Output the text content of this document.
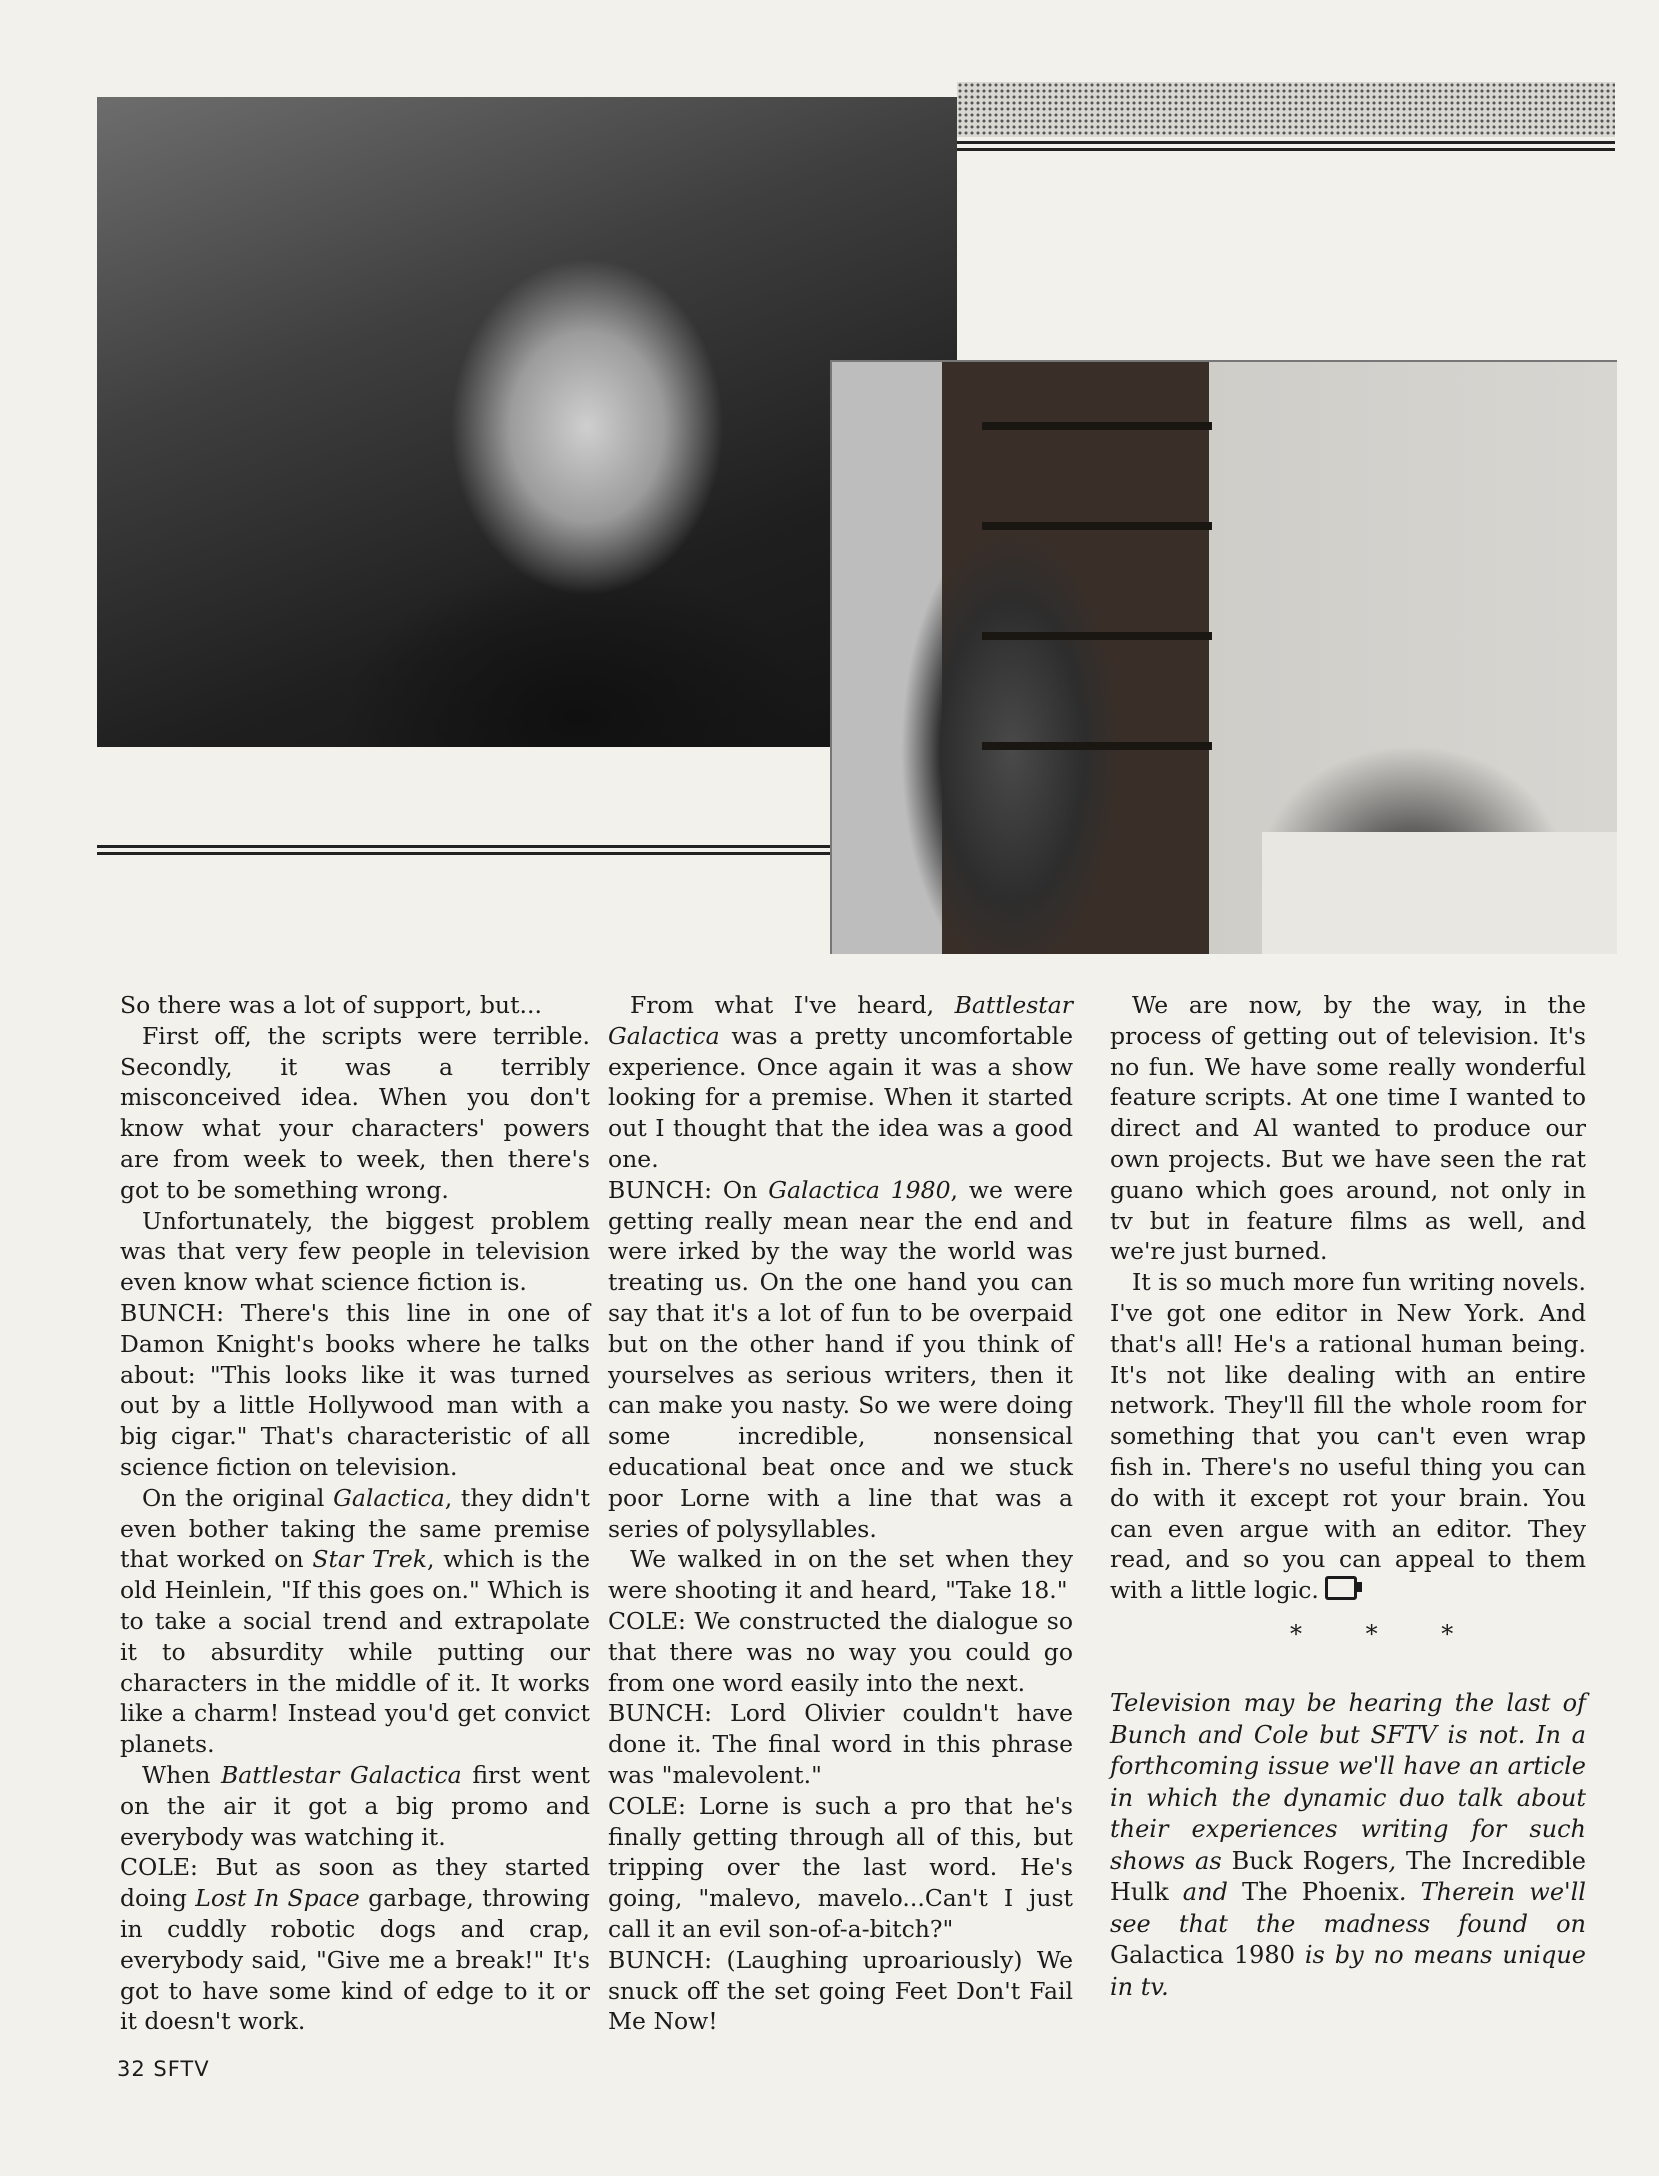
So there was a lot of support, but...

First off, the scripts were terrible. Secondly, it was a terribly misconceived idea. When you don't know what your characters' powers are from week to week, then there's got to be something wrong.

Unfortunately, the biggest problem was that very few people in television even know what science fiction is.

BUNCH: There's this line in one of Damon Knight's books where he talks about: "This looks like it was turned out by a little Hollywood man with a big cigar." That's characteristic of all science fiction on television.

On the original Galactica, they didn't even bother taking the same premise that worked on Star Trek, which is the old Heinlein, "If this goes on." Which is to take a social trend and extrapolate it to absurdity while putting our characters in the middle of it. It works like a charm! Instead you'd get convict planets.

When Battlestar Galactica first went on the air it got a big promo and everybody was watching it.

COLE: But as soon as they started doing Lost In Space garbage, throwing in cuddly robotic dogs and crap, everybody said, "Give me a break!" It's got to have some kind of edge to it or it doesn't work.

From what I've heard, Battlestar Galactica was a pretty uncomfortable experience. Once again it was a show looking for a premise. When it started out I thought that the idea was a good one.

BUNCH: On Galactica 1980, we were getting really mean near the end and were irked by the way the world was treating us. On the one hand you can say that it's a lot of fun to be overpaid but on the other hand if you think of yourselves as serious writers, then it can make you nasty. So we were doing some incredible, nonsensical educational beat once and we stuck poor Lorne with a line that was a series of polysyllables.

We walked in on the set when they were shooting it and heard, "Take 18."

COLE: We constructed the dialogue so that there was no way you could go from one word easily into the next.

BUNCH: Lord Olivier couldn't have done it. The final word in this phrase was "malevolent."

COLE: Lorne is such a pro that he's finally getting through all of this, but tripping over the last word. He's going, "malevo, mavelo...Can't I just call it an evil son-of-a-bitch?"

BUNCH: (Laughing uproariously) We snuck off the set going Feet Don't Fail Me Now!

We are now, by the way, in the process of getting out of television. It's no fun. We have some really wonderful feature scripts. At one time I wanted to direct and Al wanted to produce our own projects. But we have seen the rat guano which goes around, not only in tv but in feature films as well, and we're just burned.

It is so much more fun writing novels. I've got one editor in New York. And that's all! He's a rational human being. It's not like dealing with an entire network. They'll fill the whole room for something that you can't even wrap fish in. There's no useful thing you can do with it except rot your brain. You can even argue with an editor. They read, and so you can appeal to them with a little logic.

* * *
Television may be hearing the last of Bunch and Cole but SFTV is not. In a forthcoming issue we'll have an article in which the dynamic duo talk about their experiences writing for such shows as Buck Rogers, The Incredible Hulk and The Phoenix. Therein we'll see that the madness found on Galactica 1980 is by no means unique in tv.
32 SFTV
